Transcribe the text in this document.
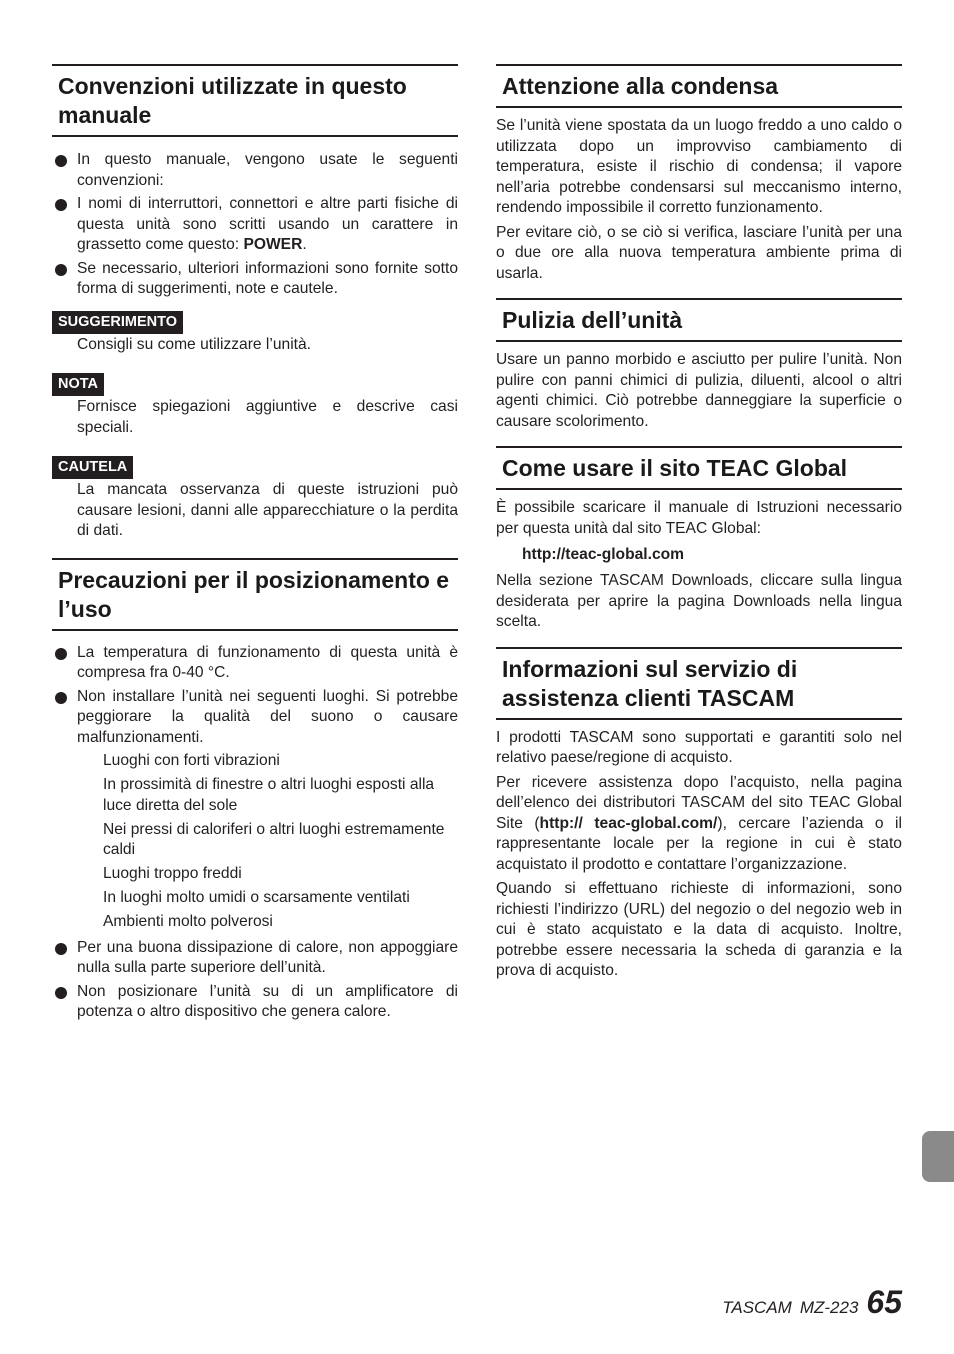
Convenzioni utilizzate in questo manuale
In questo manuale, vengono usate le seguenti convenzioni:
I nomi di interruttori, connettori e altre parti fisiche di questa unità sono scritti usando un carattere in grassetto come questo: POWER.
Se necessario, ulteriori informazioni sono fornite sotto forma di suggerimenti, note e cautele.
SUGGERIMENTO

Consigli su come utilizzare l’unità.

NOTA

Fornisce spiegazioni aggiuntive e descrive casi speciali.

CAUTELA

La mancata osservanza di queste istruzioni può causare lesioni, danni alle apparecchiature o la perdita di dati.

Precauzioni per il posizionamento e l’uso
La temperatura di funzionamento di questa unità è compresa fra 0-40 °C.
Non installare l’unità nei seguenti luoghi. Si potrebbe peggiorare la qualità del suono o causare malfunzionamenti.
Luoghi con forti vibrazioni
In prossimità di finestre o altri luoghi esposti alla luce diretta del sole
Nei pressi di caloriferi o altri luoghi estremamente caldi
Luoghi troppo freddi
In luoghi molto umidi o scarsamente ventilati
Ambienti molto polverosi
Per una buona dissipazione di calore, non appoggiare nulla sulla parte superiore dell’unità.
Non posizionare l’unità su di un amplificatore di potenza o altro dispositivo che genera calore.
Attenzione alla condensa

Se l’unità viene spostata da un luogo freddo a uno caldo o utilizzata dopo un improvviso cambiamento di temperatura, esiste il rischio di condensa; il vapore nell’aria potrebbe condensarsi sul meccanismo interno, rendendo impossibile il corretto funzionamento.

Per evitare ciò, o se ciò si verifica, lasciare l’unità per una o due ore alla nuova temperatura ambiente prima di usarla.

Pulizia dell’unità

Usare un panno morbido e asciutto per pulire l’unità. Non pulire con panni chimici di pulizia, diluenti, alcool o altri agenti chimici. Ciò potrebbe danneggiare la superficie o causare scolorimento.

Come usare il sito TEAC Global

È possibile scaricare il manuale di Istruzioni necessario per questa unità dal sito TEAC Global:

http://teac-global.com

Nella sezione TASCAM Downloads, cliccare sulla lingua desiderata per aprire la pagina Downloads nella lingua scelta.

Informazioni sul servizio di assistenza clienti TASCAM

I prodotti TASCAM sono supportati e garantiti solo nel relativo paese/regione di acquisto.

Per ricevere assistenza dopo l’acquisto, nella pagina dell’elenco dei distributori TASCAM del sito TEAC Global Site (http:// teac-global.com/), cercare l’azienda o il rappresentante locale per la regione in cui è stato acquistato il prodotto e contattare l’organizzazione.

Quando si effettuano richieste di informazioni, sono richiesti l’indirizzo (URL) del negozio o del negozio web in cui è stato acquistato e la data di acquisto. Inoltre, potrebbe essere necessaria la scheda di garanzia e la prova di acquisto.

TASCAM MZ-223 65
